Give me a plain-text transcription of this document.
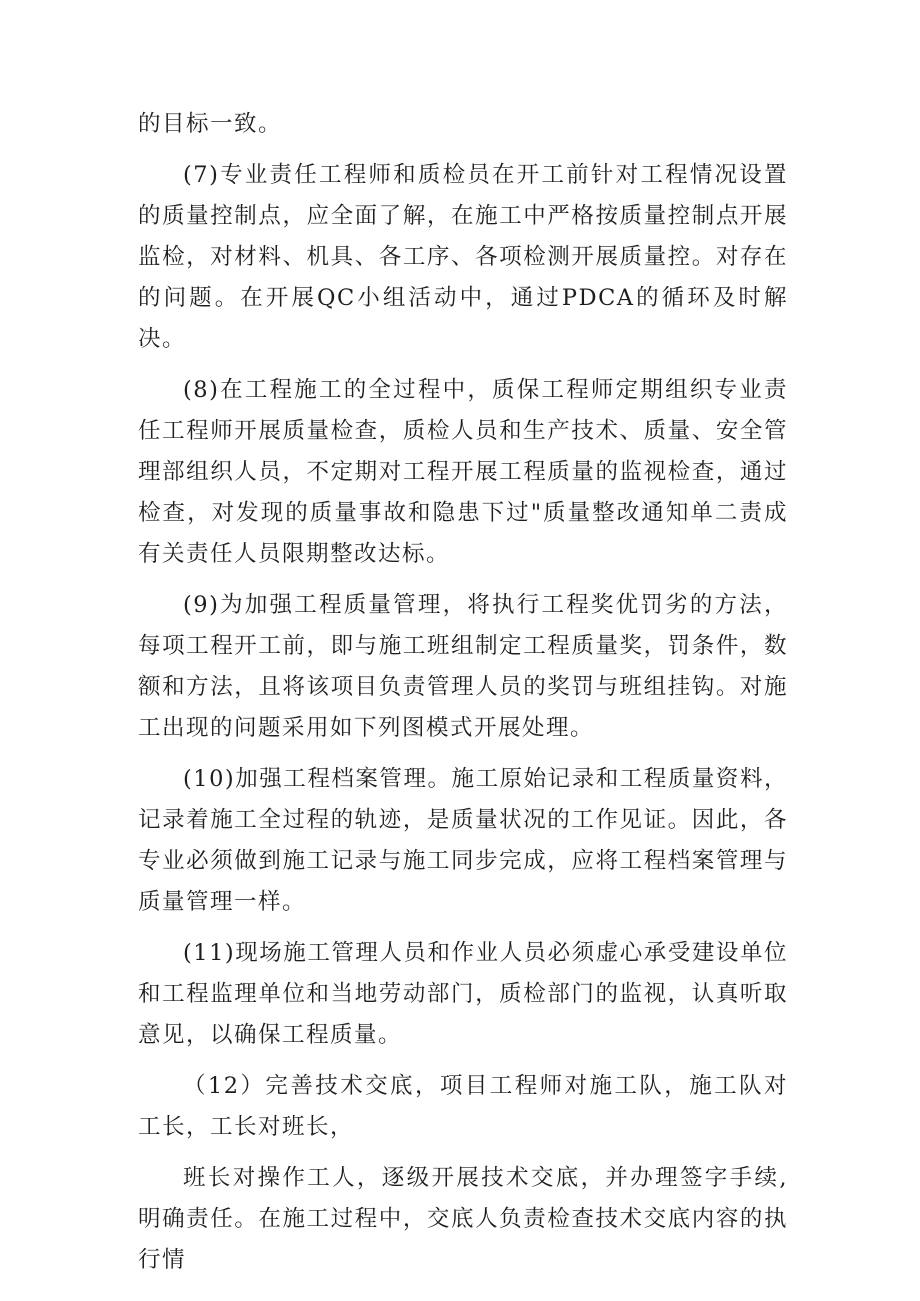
的目标一致。

(7)专业责任工程师和质检员在开工前针对工程情况设置的质量控制点，应全面了解，在施工中严格按质量控制点开展监检，对材料、机具、各工序、各项检测开展质量控。对存在的问题。在开展QC小组活动中，通过PDCA的循环及时解决。

(8)在工程施工的全过程中，质保工程师定期组织专业责任工程师开展质量检查，质检人员和生产技术、质量、安全管理部组织人员，不定期对工程开展工程质量的监视检查，通过检查，对发现的质量事故和隐患下过"质量整改通知单二责成有关责任人员限期整改达标。

(9)为加强工程质量管理，将执行工程奖优罚劣的方法，每项工程开工前，即与施工班组制定工程质量奖，罚条件，数额和方法，且将该项目负责管理人员的奖罚与班组挂钩。对施工出现的问题采用如下列图模式开展处理。

(10)加强工程档案管理。施工原始记录和工程质量资料，记录着施工全过程的轨迹，是质量状况的工作见证。因此，各专业必须做到施工记录与施工同步完成，应将工程档案管理与质量管理一样。

(11)现场施工管理人员和作业人员必须虚心承受建设单位和工程监理单位和当地劳动部门，质检部门的监视，认真听取意见，以确保工程质量。

（12）完善技术交底，项目工程师对施工队，施工队对工长，工长对班长，

班长对操作工人，逐级开展技术交底，并办理签字手续,明确责任。在施工过程中，交底人负责检查技术交底内容的执行情
